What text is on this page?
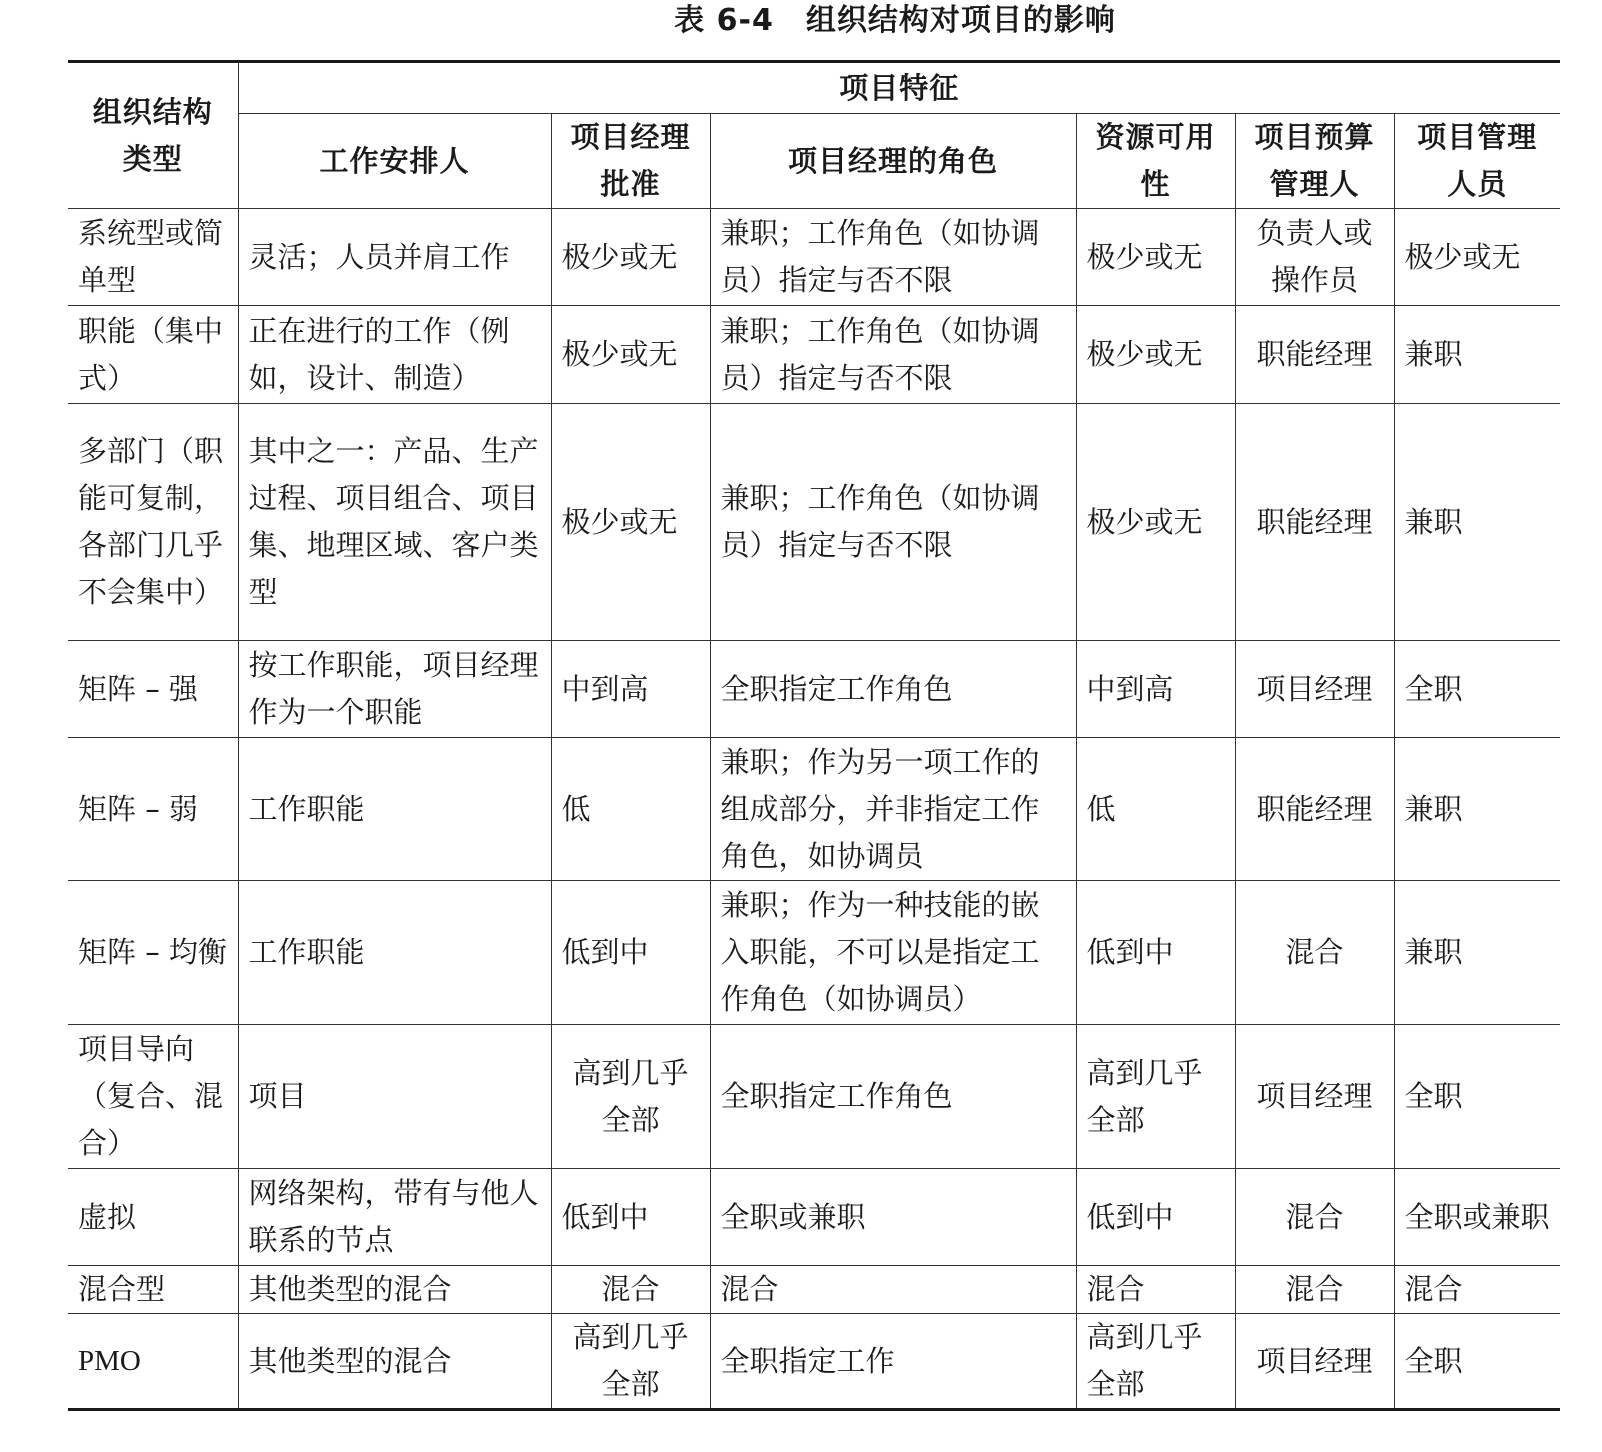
表 6-4 组织结构对项目的影响
组织结构类型	项目特征					
	工作安排人	项目经理批准	项目经理的角色	资源可用性	项目预算管理人	项目管理人员
系统型或简单型	灵活；人员并肩工作	极少或无	兼职；工作角色（如协调员）指定与否不限	极少或无	负责人或操作员	极少或无
职能（集中式）	正在进行的工作（例如，设计、制造）	极少或无	兼职；工作角色（如协调员）指定与否不限	极少或无	职能经理	兼职
多部门（职能可复制，各部门几乎不会集中）	其中之一：产品、生产过程、项目组合、项目集、地理区域、客户类型	极少或无	兼职；工作角色（如协调员）指定与否不限	极少或无	职能经理	兼职
矩阵 – 强	按工作职能，项目经理作为一个职能	中到高	全职指定工作角色	中到高	项目经理	全职
矩阵 – 弱	工作职能	低	兼职；作为另一项工作的组成部分，并非指定工作角色，如协调员	低	职能经理	兼职
矩阵 – 均衡	工作职能	低到中	兼职；作为一种技能的嵌入职能，不可以是指定工作角色（如协调员）	低到中	混合	兼职
项目导向（复合、混合）	项目	高到几乎全部	全职指定工作角色	高到几乎全部	项目经理	全职
虚拟	网络架构，带有与他人联系的节点	低到中	全职或兼职	低到中	混合	全职或兼职
混合型	其他类型的混合	混合	混合	混合	混合	混合
PMO	其他类型的混合	高到几乎全部	全职指定工作	高到几乎全部	项目经理	全职
